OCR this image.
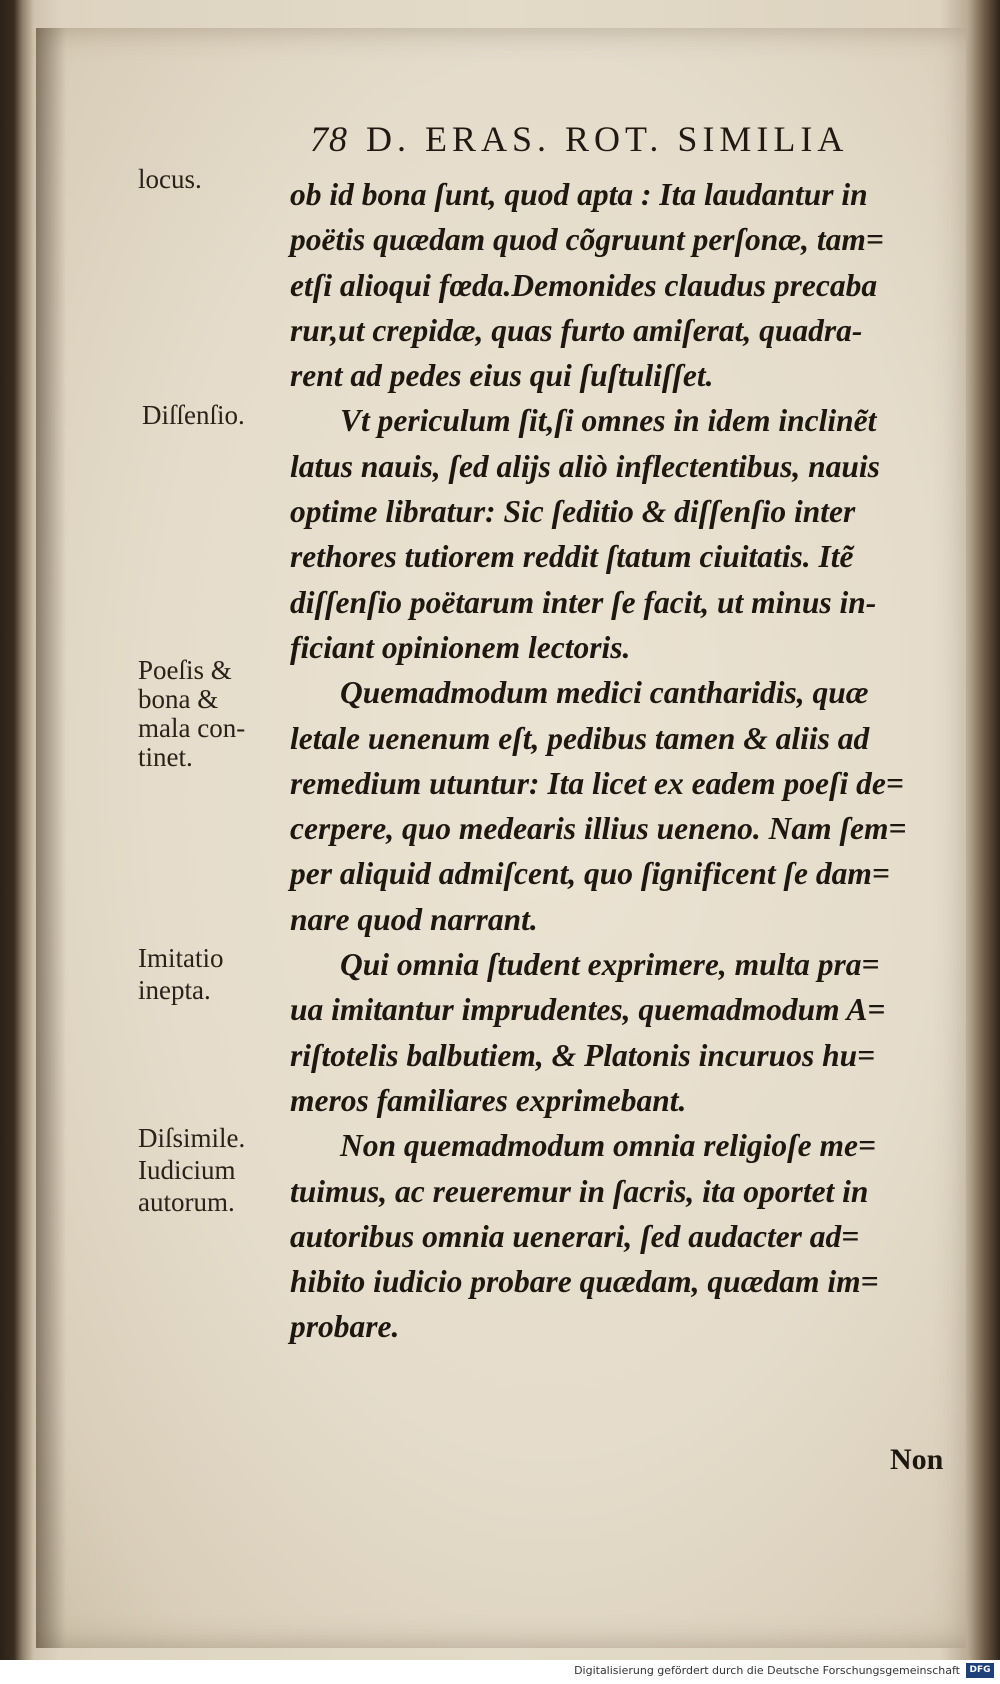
78 D. ERAS. ROT. SIMILIA
locus.
Diſſenſio.
Poeſis &
bona &
mala con-
tinet.
Imitatio
inepta.
Diſsimile.
Iudicium
autorum.
ob id bona ſunt, quod apta : Ita laudantur in
poëtis quædam quod cõgruunt perſonæ, tam=
etſi alioqui fœda.Demonides claudus precaba
rur,ut crepidæ, quas furto amiſerat, quadra-
rent ad pedes eius qui ſuſtuliſſet.
Vt periculum ſit,ſi omnes in idem inclinẽt
latus nauis, ſed alijs aliò inflectentibus, nauis
optime libratur: Sic ſeditio & diſſenſio inter
rethores tutiorem reddit ſtatum ciuitatis. Itẽ
diſſenſio poëtarum inter ſe facit, ut minus in-
ficiant opinionem lectoris.
Quemadmodum medici cantharidis, quæ
letale uenenum eſt, pedibus tamen & aliis ad
remedium utuntur: Ita licet ex eadem poeſi de=
cerpere, quo medearis illius ueneno. Nam ſem=
per aliquid admiſcent, quo ſignificent ſe dam=
nare quod narrant.
Qui omnia ſtudent exprimere, multa pra=
ua imitantur imprudentes, quemadmodum A=
riſtotelis balbutiem, & Platonis incuruos hu=
meros familiares exprimebant.
Non quemadmodum omnia religioſe me=
tuimus, ac reueremur in ſacris, ita oportet in
autoribus omnia uenerari, ſed audacter ad=
hibito iudicio probare quædam, quædam im=
probare.
Non
Digitalisierung gefördert durch die Deutsche Forschungsgemeinschaft	DFG
